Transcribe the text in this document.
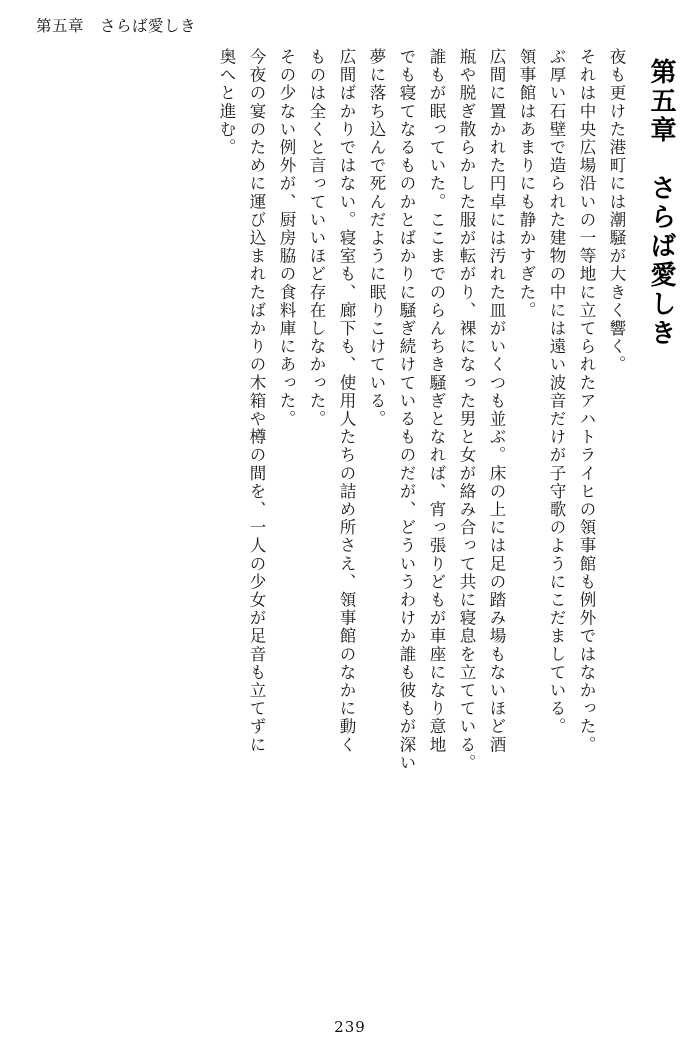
第五章　さらば愛しき
第五章　さらば愛しき
夜も更けた港町には潮騒が大きく響く。
それは中央広場沿いの一等地に立てられたアハトライヒの領事館も例外ではなかった。
ぶ厚い石壁で造られた建物の中には遠い波音だけが子守歌のようにこだましている。
領事館はあまりにも静かすぎた。
広間に置かれた円卓には汚れた皿がいくつも並ぶ。床の上には足の踏み場もないほど酒
瓶や脱ぎ散らかした服が転がり、裸になった男と女が絡み合って共に寝息を立てている。
誰もが眠っていた。ここまでのらんちき騒ぎとなれば、宵っ張りどもが車座になり意地
でも寝てなるものかとばかりに騒ぎ続けているものだが、どういうわけか誰も彼もが深い
夢に落ち込んで死んだように眠りこけている。
広間ばかりではない。寝室も、廊下も、使用人たちの詰め所さえ、領事館のなかに動く
ものは全くと言っていいほど存在しなかった。
その少ない例外が、厨房脇の食料庫にあった。
今夜の宴のために運び込まれたばかりの木箱や樽の間を、一人の少女が足音も立てずに
奥へと進む。
239
